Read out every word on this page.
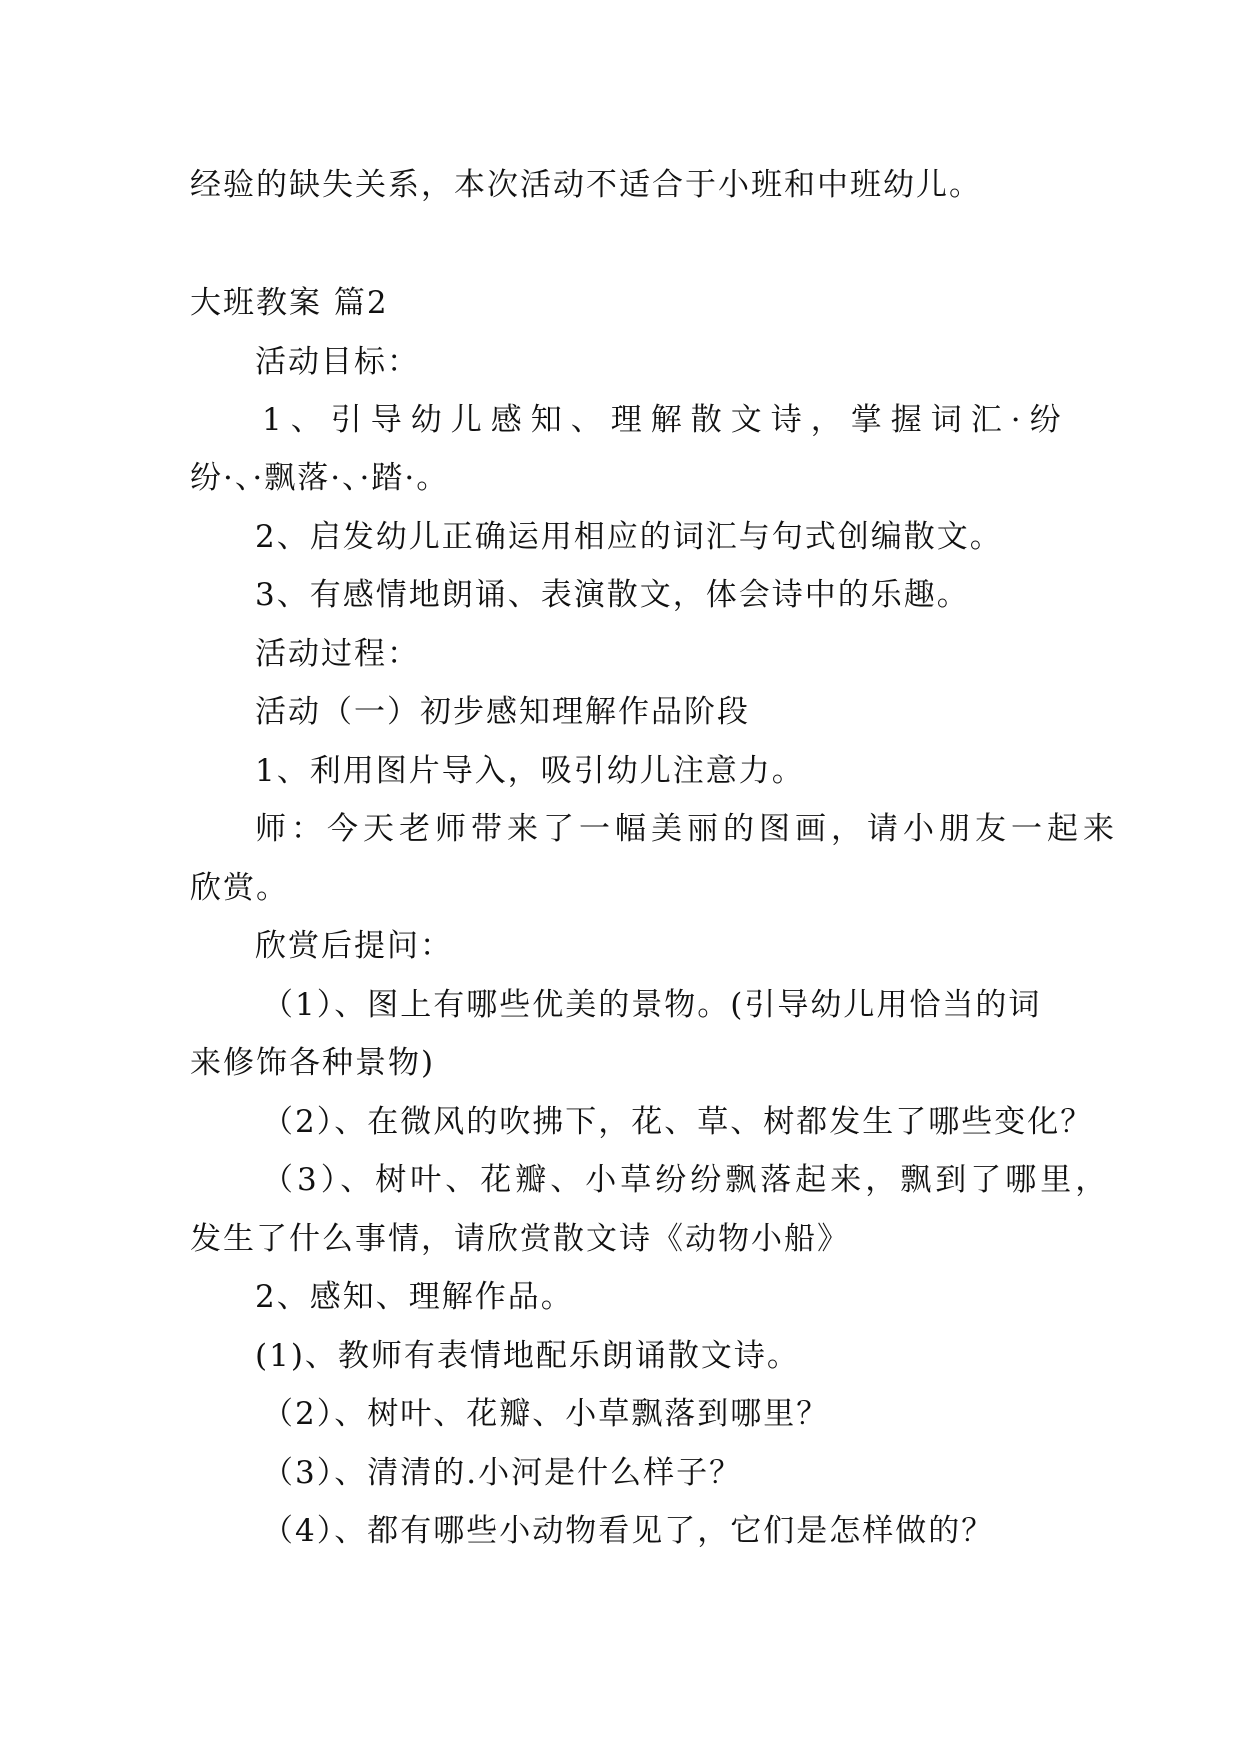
经验的缺失关系，本次活动不适合于小班和中班幼儿。
大班教案 篇2
活动目标：
1、引导幼儿感知、理解散文诗，掌握词汇·纷
纷·、·飘落·、·踏·。
2、启发幼儿正确运用相应的词汇与句式创编散文。
3、有感情地朗诵、表演散文，体会诗中的乐趣。
活动过程：
活动（一）初步感知理解作品阶段
1、利用图片导入，吸引幼儿注意力。
师：今天老师带来了一幅美丽的图画，请小朋友一起来
欣赏。
欣赏后提问：
（1）、图上有哪些优美的景物。(引导幼儿用恰当的词
来修饰各种景物)
（2）、在微风的吹拂下，花、草、树都发生了哪些变化？
（3）、树叶、花瓣、小草纷纷飘落起来，飘到了哪里，
发生了什么事情，请欣赏散文诗《动物小船》
2、感知、理解作品。
(1)、教师有表情地配乐朗诵散文诗。
（2）、树叶、花瓣、小草飘落到哪里？
（3）、清清的.小河是什么样子？
（4）、都有哪些小动物看见了，它们是怎样做的？
